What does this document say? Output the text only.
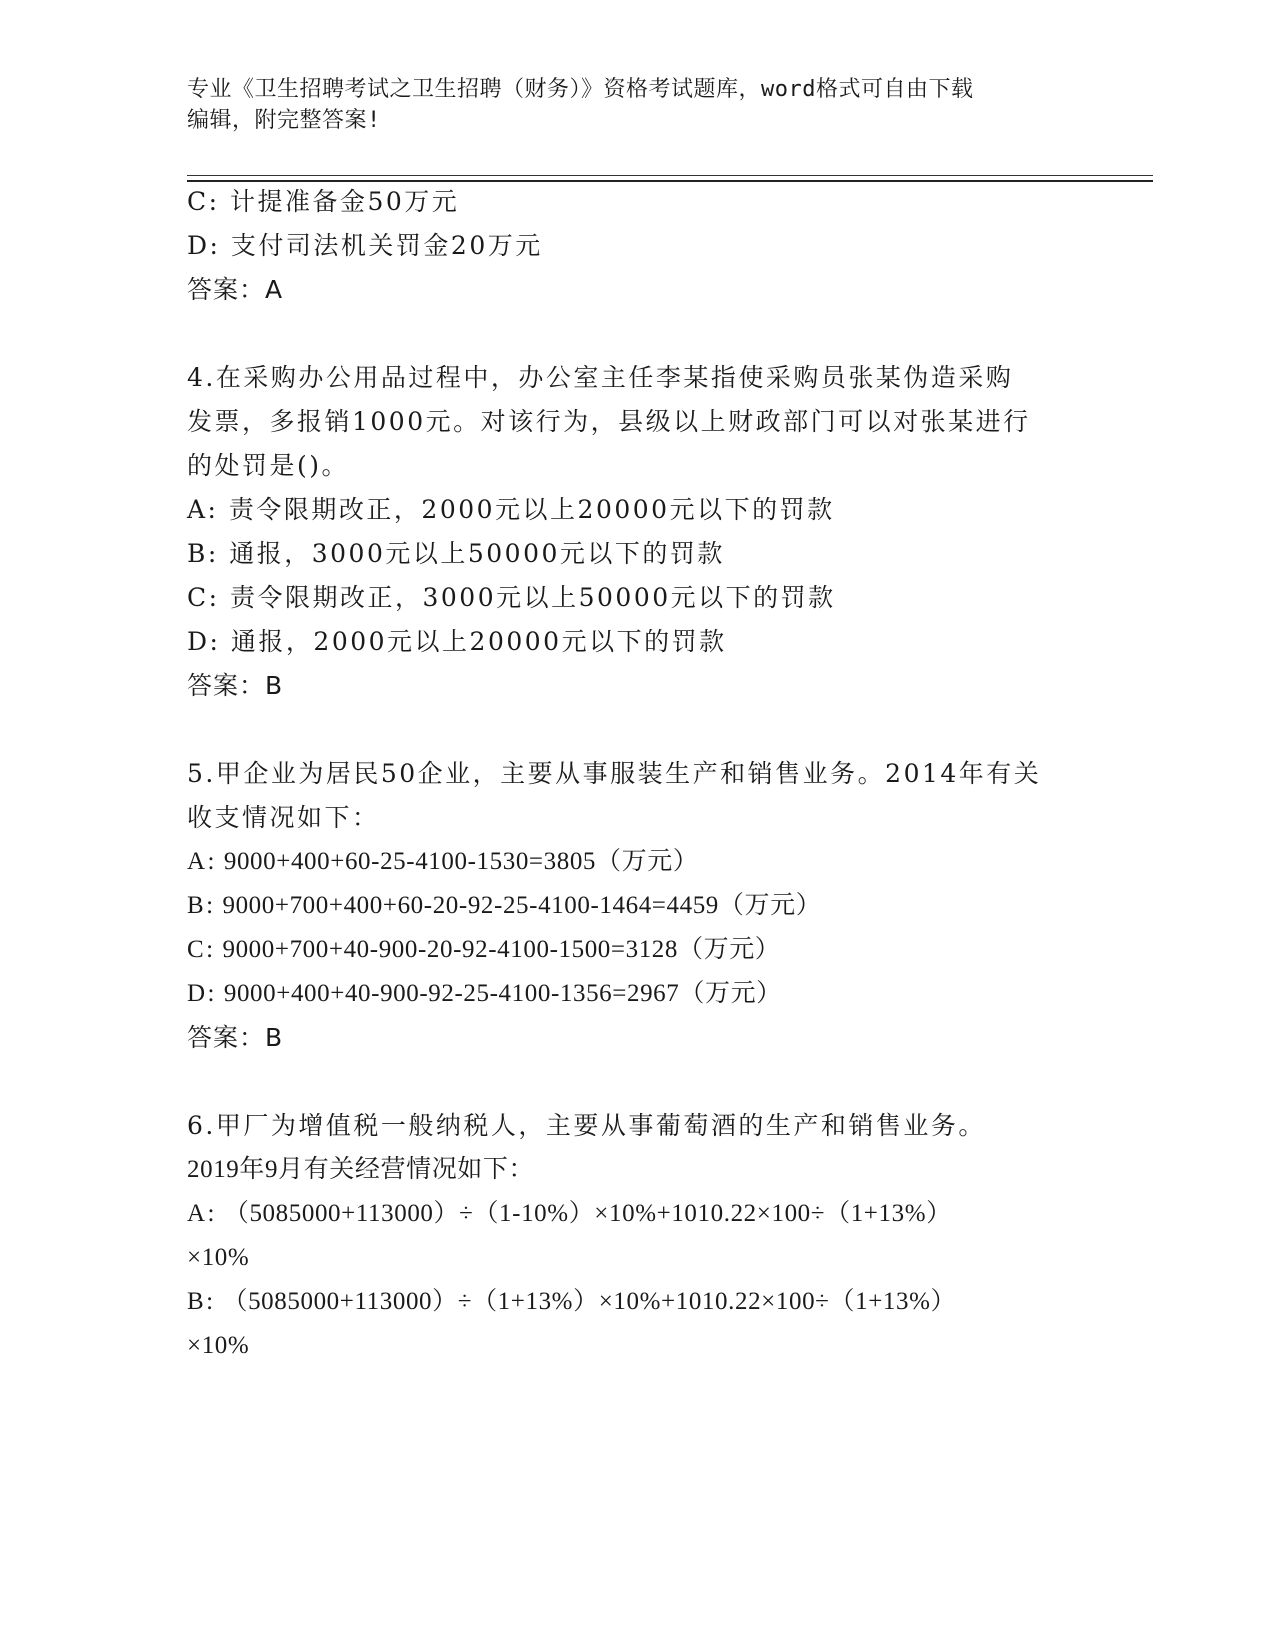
专业《卫生招聘考试之卫生招聘（财务）》资格考试题库，word格式可自由下载
编辑，附完整答案!
C: 计提准备金50万元
D: 支付司法机关罚金20万元
答案：A
4.在采购办公用品过程中，办公室主任李某指使采购员张某伪造采购
发票，多报销1000元。对该行为，县级以上财政部门可以对张某进行
的处罚是()。
A: 责令限期改正，2000元以上20000元以下的罚款
B: 通报，3000元以上50000元以下的罚款
C: 责令限期改正，3000元以上50000元以下的罚款
D: 通报，2000元以上20000元以下的罚款
答案：B
5.甲企业为居民50企业，主要从事服装生产和销售业务。2014年有关
收支情况如下：
A: 9000+400+60-25-4100-1530=3805（万元）
B: 9000+700+400+60-20-92-25-4100-1464=4459（万元）
C: 9000+700+40-900-20-92-4100-1500=3128（万元）
D: 9000+400+40-900-92-25-4100-1356=2967（万元）
答案：B
6.甲厂为增值税一般纳税人，主要从事葡萄酒的生产和销售业务。
2019年9月有关经营情况如下：
A: （5085000+113000）÷（1-10%）×10%+1010.22×100÷（1+13%）
×10%
B: （5085000+113000）÷（1+13%）×10%+1010.22×100÷（1+13%）
×10%
